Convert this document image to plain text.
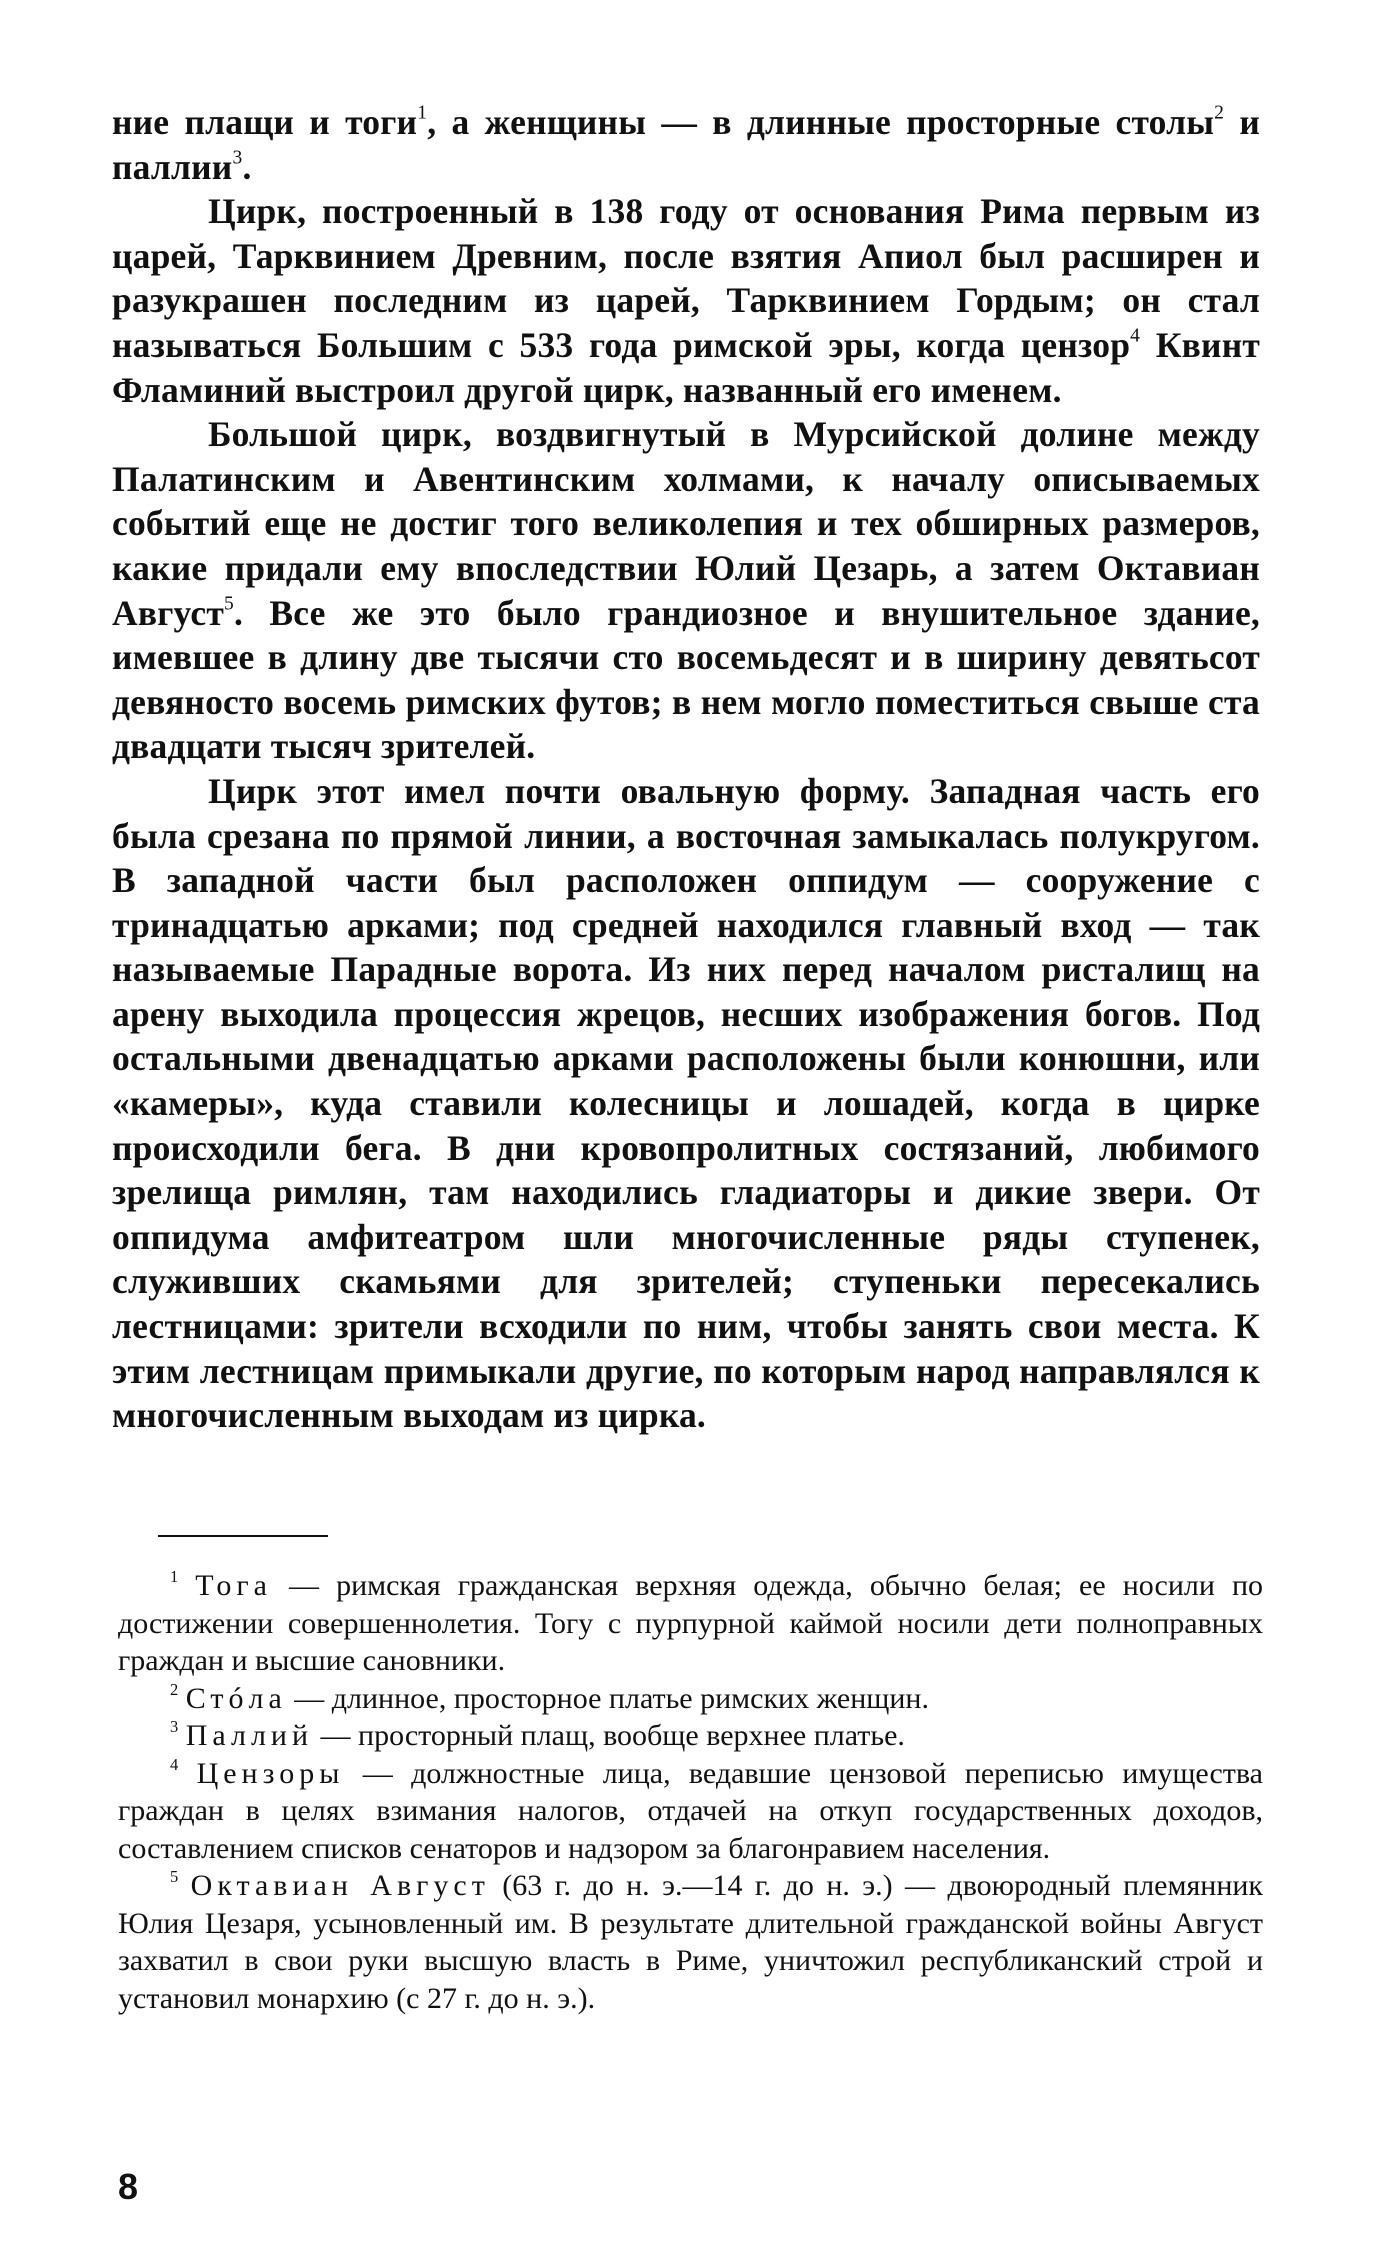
ние плащи и тоги$^1$, а женщины — в длинные просторные столы$^2$ и паллии$^3$.

Цирк, построенный в 138 году от основания Рима первым из царей, Тарквинием Древним, после взятия Апиол был расширен и разукрашен последним из царей, Тарквинием Гордым; он стал называться Большим с 533 года римской эры, когда цензор$^4$ Квинт Фламиний выстроил другой цирк, названный его именем.

Большой цирк, воздвигнутый в Мурсийской долине между Палатинским и Авентинским холмами, к началу описываемых событий еще не достиг того великолепия и тех обширных размеров, какие придали ему впоследствии Юлий Цезарь, а затем Октавиан Август$^5$. Все же это было грандиозное и внушительное здание, имевшее в длину две тысячи сто восемьдесят и в ширину девятьсот девяносто восемь римских футов; в нем могло поместиться свыше ста двадцати тысяч зрителей.

Цирк этот имел почти овальную форму. Западная часть его была срезана по прямой линии, а восточная замыкалась полукругом. В западной части был расположен оппидум — сооружение с тринадцатью арками; под средней находился главный вход — так называемые Парадные ворота. Из них перед началом ристалищ на арену выходила процессия жрецов, несших изображения богов. Под остальными двенадцатью арками расположены были конюшни, или «камеры», куда ставили колесницы и лошадей, когда в цирке происходили бега. В дни кровопролитных состязаний, любимого зрелища римлян, там находились гладиаторы и дикие звери. От оппидума амфитеатром шли многочисленные ряды ступенек, служивших скамьями для зрителей; ступеньки пересекались лестницами: зрители всходили по ним, чтобы занять свои места. К этим лестницам примыкали другие, по которым народ направлялся к многочисленным выходам из цирка.

$^1$ Тога — римская гражданская верхняя одежда, обычно белая; ее носили по достижении совершеннолетия. Тогу с пурпурной каймой носили дети полноправных граждан и высшие сановники.

$^2$ Стóла — длинное, просторное платье римских женщин.

$^3$ Паллий — просторный плащ, вообще верхнее платье.

$^4$ Цензоры — должностные лица, ведавшие цензовой переписью имущества граждан в целях взимания налогов, отдачей на откуп государственных доходов, составлением списков сенаторов и надзором за благонравием населения.

$^5$ Октавиан Август (63 г. до н. э.—14 г. до н. э.) — двоюродный племянник Юлия Цезаря, усыновленный им. В результате длительной гражданской войны Август захватил в свои руки высшую власть в Риме, уничтожил республиканский строй и установил монархию (с 27 г. до н. э.).

8
